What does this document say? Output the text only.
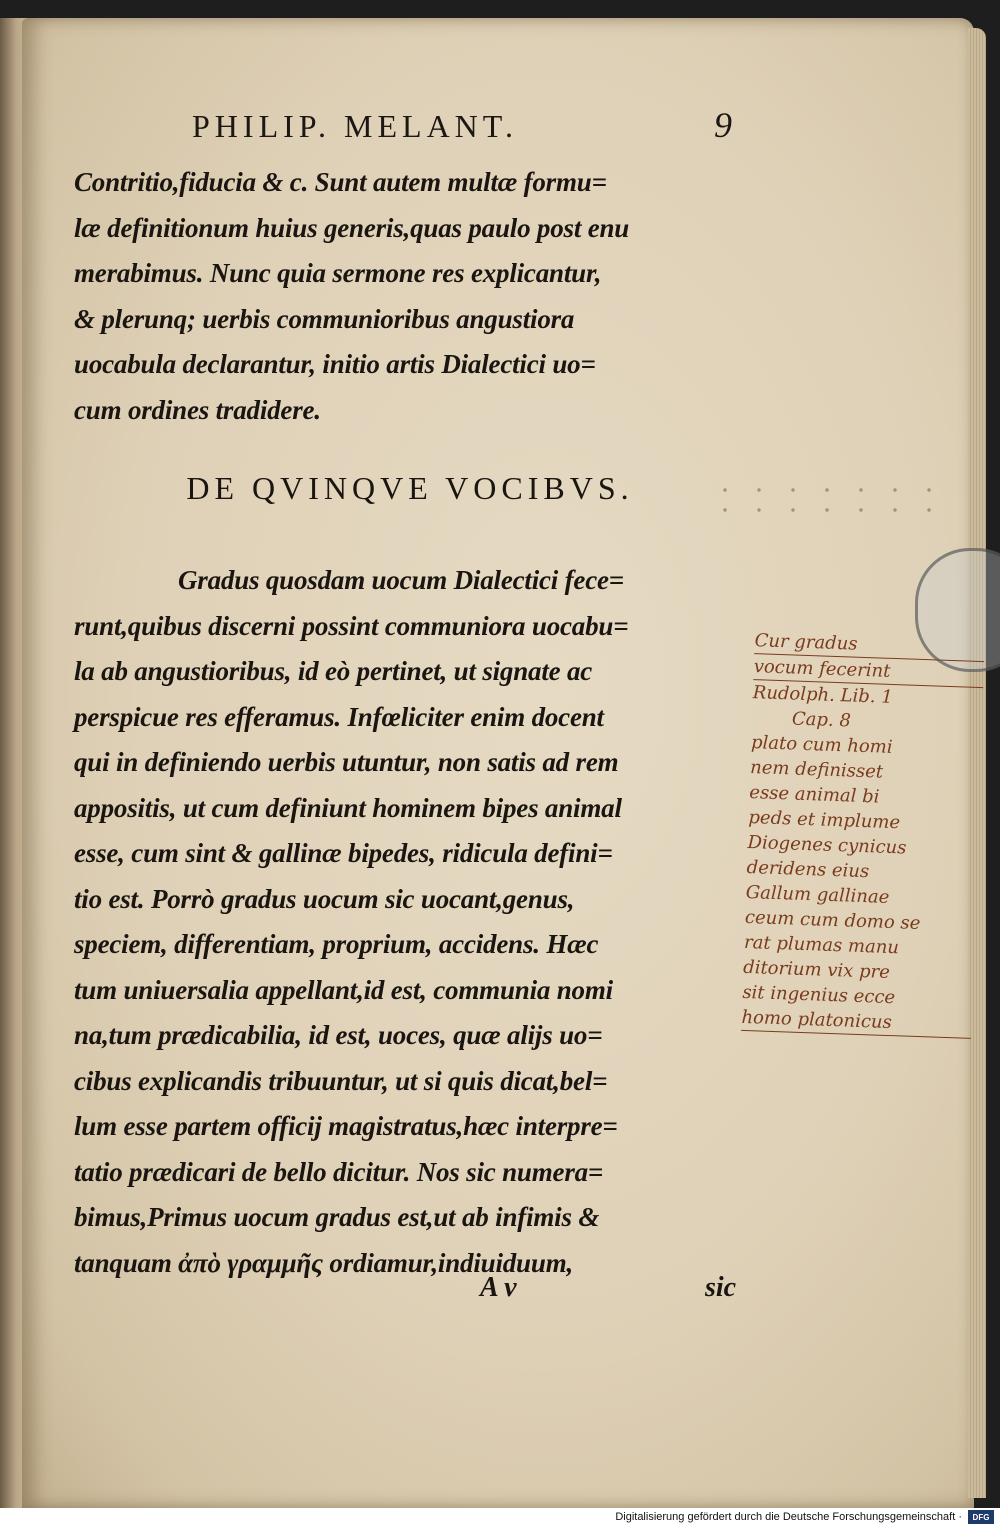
PHILIP. MELANT.	9

Contritio,fiducia & c. Sunt autem multæ formu=
læ definitionum huius generis,quas paulo post enu
merabimus. Nunc quia sermone res explicantur,
& plerunq; uerbis communioribus angustiora
uocabula declarantur, initio artis Dialectici uo=
cum ordines tradidere.

DE QVINQVE VOCIBVS.

Gradus quosdam uocum Dialectici fece=
runt,quibus discerni possint communiora uocabu=
la ab angustioribus, id eò pertinet, ut signate ac
perspicue res efferamus. Infœliciter enim docent
qui in definiendo uerbis utuntur, non satis ad rem
appositis, ut cum definiunt hominem bipes animal
esse, cum sint & gallinæ bipedes, ridicula defini=
tio est. Porrò gradus uocum sic uocant,genus,
speciem, differentiam, proprium, accidens. Hæc
tum uniuersalia appellant,id est, communia nomi
na,tum prædicabilia, id est, uoces, quæ alijs uo=
cibus explicandis tribuuntur, ut si quis dicat,bel=
lum esse partem officij magistratus,hæc interpre=
tatio prædicari de bello dicitur. Nos sic numera=
bimus,Primus uocum gradus est,ut ab infimis &
tanquam ἀπὸ γραμμῆς ordiamur,indiuiduum,

A v	sic
Cur gradus
vocum fecerint
Rudolph. Lib. 1
Cap. 8
plato cum homi
nem definisset
esse animal bi
peds et implume
Diogenes cynicus
deridens eius
Gallum gallinae
ceum cum domo se
rat plumas manu
ditorium vix pre
sit ingenius ecce
homo platonicus
Digitalisierung gefördert durch die Deutsche Forschungsgemeinschaft ·	DFG
